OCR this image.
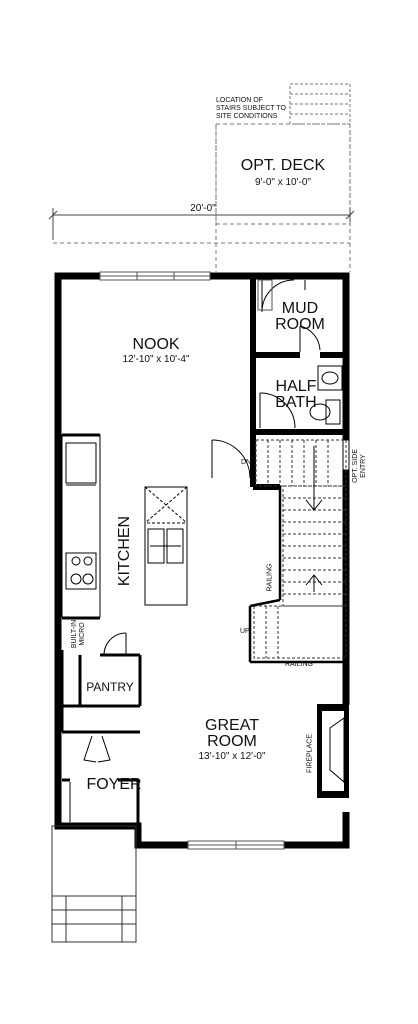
20'-0"
LOCATION OF
STAIRS SUBJECT TO
SITE CONDITIONS
OPT. DECK
9'-0" x 10'-0"
NOOK
12'-10" x 10'-4"
MUD
ROOM
HALF
BATH
KITCHEN
PANTRY
GREAT
ROOM
13'-10" x 12'-0"
FOYER
DN
UP
RAILING
RAILING
OPT. SIDE
ENTRY
BUILT-IN
MICRO
FIREPLACE
